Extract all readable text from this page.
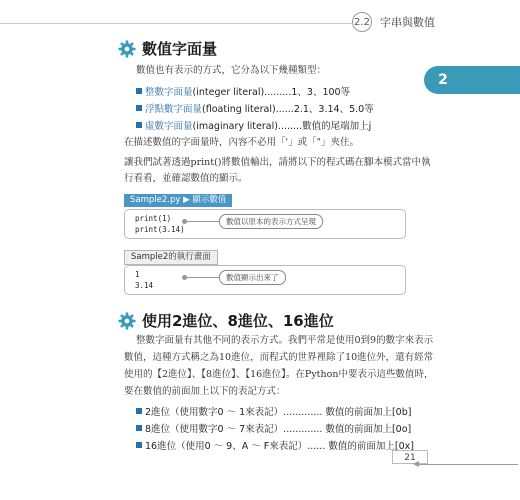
2.2 字串與數值
2
數值字面量
數值也有表示的方式，它分為以下幾種類型：
整數字面量 (integer literal).........1、3、100等
浮點數字面量 (floating literal)......2.1、3.14、5.0等
虛數字面量 (imaginary literal)........數值的尾端加上j
在描述數值的字面量時，內容不必用「'」或「"」夾住。
讓我們試著透過print()將數值輸出，請將以下的程式碼在腳本模式當中執
行看看，並確認數值的顯示。
Sample2.py ▶ 顯示數值
print(1)
print(3.14)
數值以原本的表示方式呈現
Sample2的執行畫面
1
3.14
數值顯示出來了
使用2進位、8進位、16進位
整數字面量有其他不同的表示方式。我們平常是使用0到9的數字來表示
數值，這種方式稱之為10進位，而程式的世界裡除了10進位外，還有經常
使用的【2進位】、【8進位】、【16進位】。在Python中要表示這些數值時，
要在數值的前面加上以下的表記方式：
2進位（使用數字0 ～ 1來表記）............. 數值的前面加上[0b]
8進位（使用數字0 ～ 7來表記）............. 數值的前面加上[0o]
16進位（使用0 ～ 9、A ～ F來表記）...... 數值的前面加上[0x]
21
